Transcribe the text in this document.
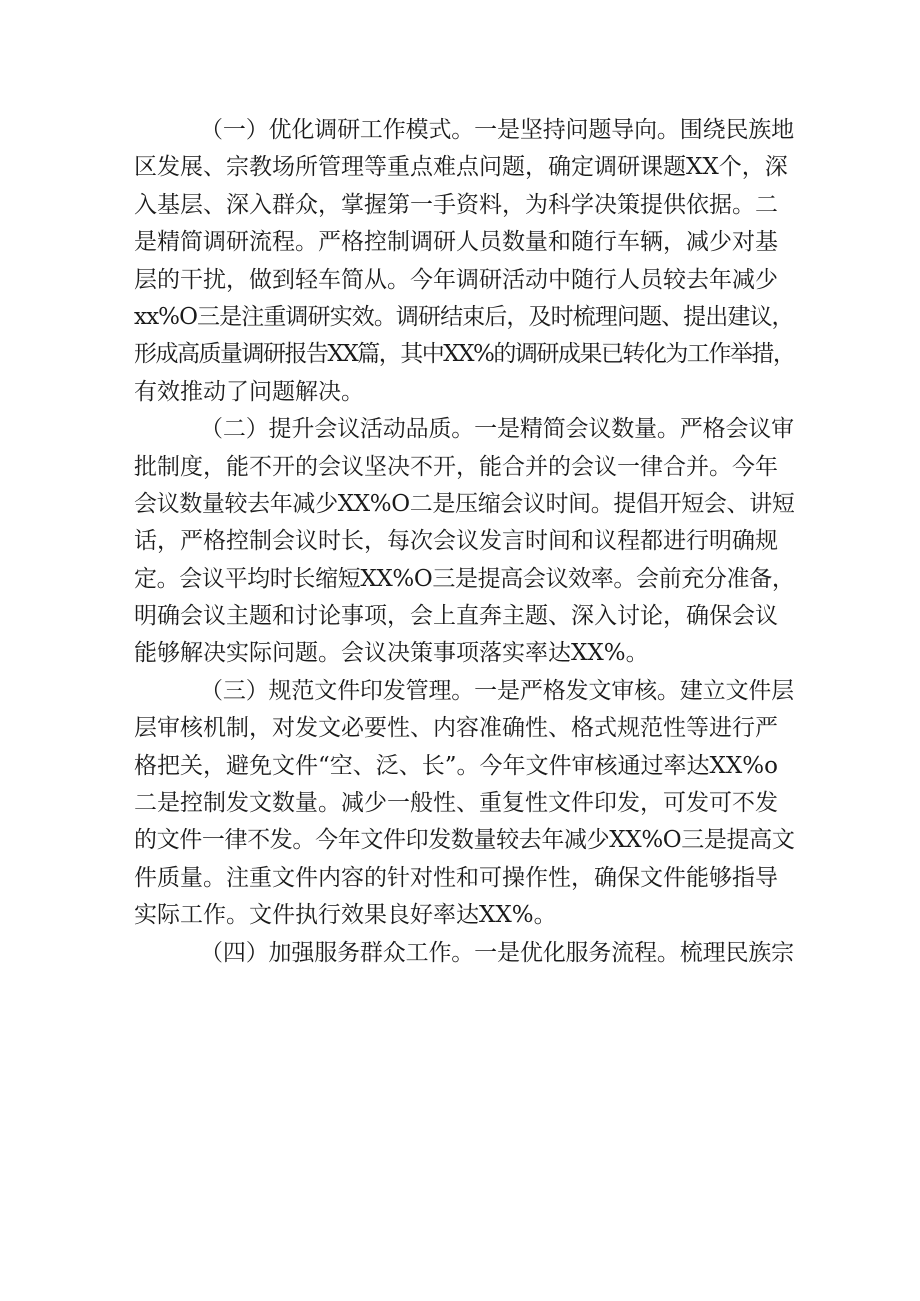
（一）优化调研工作模式。一是坚持问题导向。围绕民族地
区发展、宗教场所管理等重点难点问题，确定调研课题XX个，深
入基层、深入群众，掌握第一手资料，为科学决策提供依据。二
是精简调研流程。严格控制调研人员数量和随行车辆，减少对基
层的干扰，做到轻车简从。今年调研活动中随行人员较去年减少
xx%O三是注重调研实效。调研结束后，及时梳理问题、提出建议，
形成高质量调研报告XX篇，其中XX%的调研成果已转化为工作举措，
有效推动了问题解决。
（二）提升会议活动品质。一是精简会议数量。严格会议审
批制度，能不开的会议坚决不开，能合并的会议一律合并。今年
会议数量较去年减少XX%O二是压缩会议时间。提倡开短会、讲短
话，严格控制会议时长，每次会议发言时间和议程都进行明确规
定。会议平均时长缩短XX%O三是提高会议效率。会前充分准备，
明确会议主题和讨论事项，会上直奔主题、深入讨论，确保会议
能够解决实际问题。会议决策事项落实率达XX%。
（三）规范文件印发管理。一是严格发文审核。建立文件层
层审核机制，对发文必要性、内容准确性、格式规范性等进行严
格把关，避免文件“空、泛、长”。今年文件审核通过率达XX%o
二是控制发文数量。减少一般性、重复性文件印发，可发可不发
的文件一律不发。今年文件印发数量较去年减少XX%O三是提高文
件质量。注重文件内容的针对性和可操作性，确保文件能够指导
实际工作。文件执行效果良好率达XX%。
（四）加强服务群众工作。一是优化服务流程。梳理民族宗
